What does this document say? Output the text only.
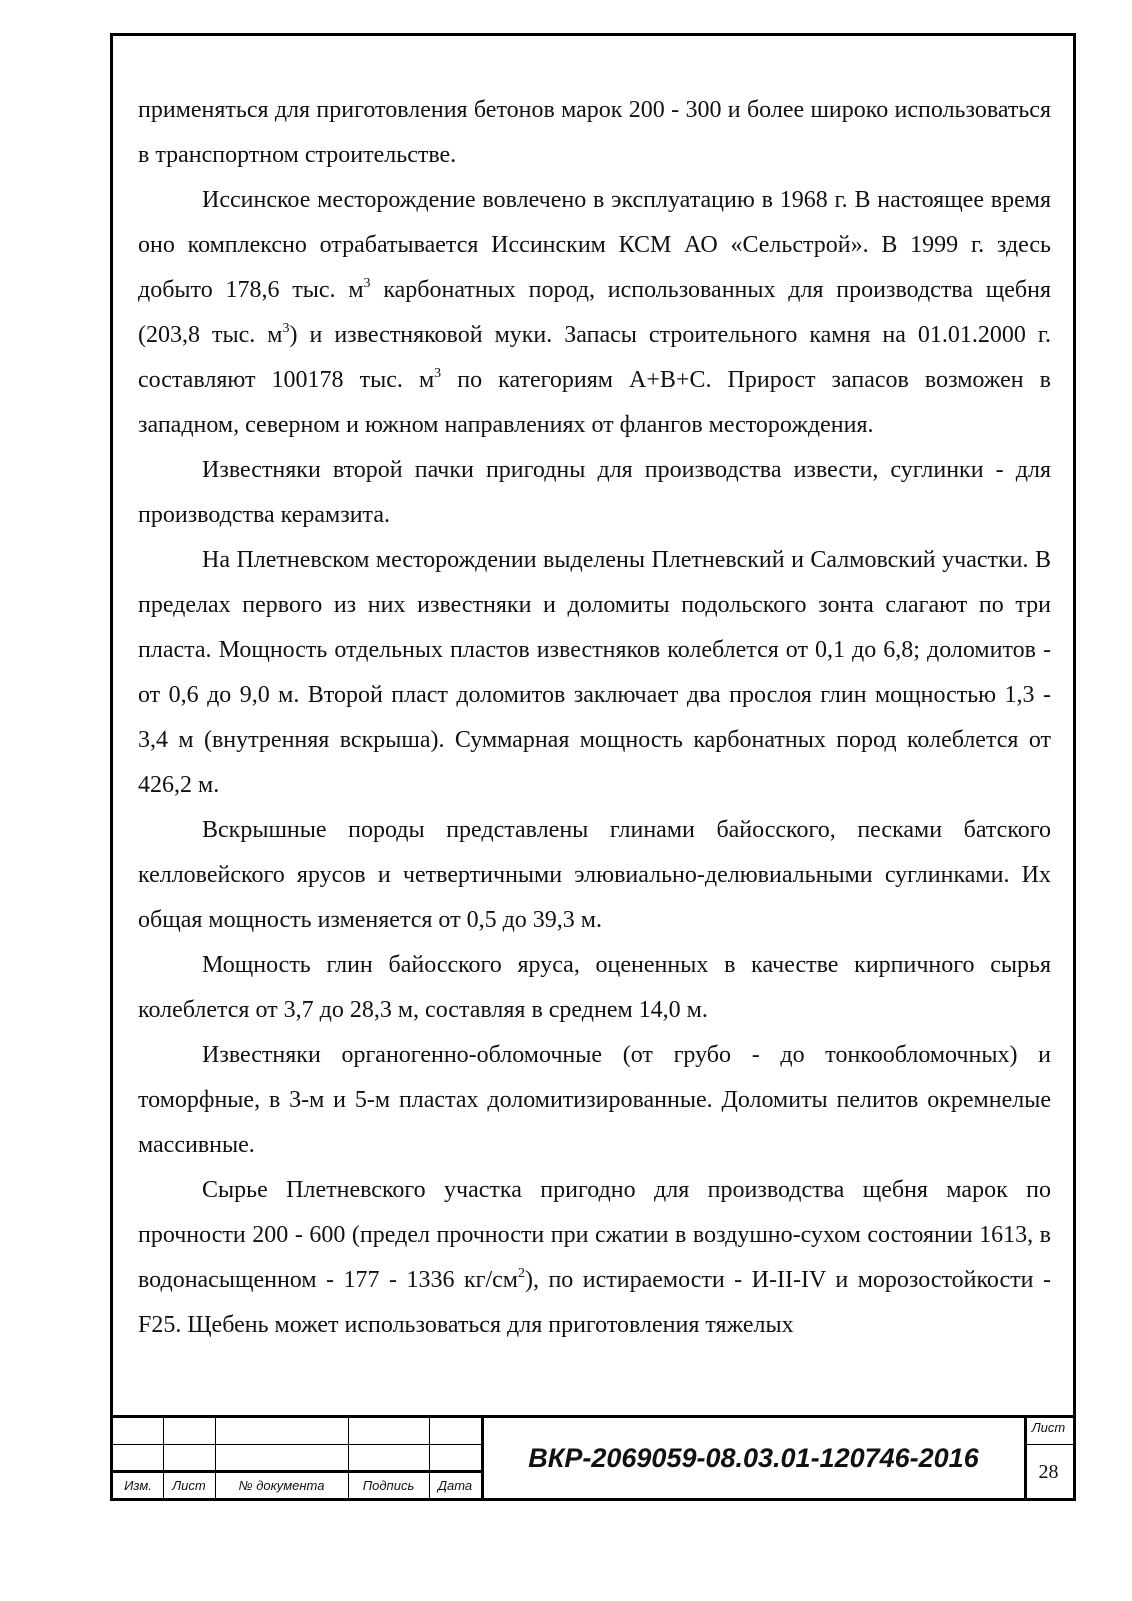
применяться для приготовления бетонов марок 200 - 300 и более широко использоваться в транспортном строительстве.

Иссинское месторождение вовлечено в эксплуатацию в 1968 г. В настоящее время оно комплексно отрабатывается Иссинским КСМ АО «Сельстрой». В 1999 г. здесь добыто 178,6 тыс. $м^3$ карбонатных пород, использованных для производства щебня (203,8 тыс. $м^3$) и известняковой муки. Запасы строительного камня на 01.01.2000 г. составляют 100178 тыс. $м^3$ по категориям А+В+С. Прирост запасов возможен в западном, северном и южном направлениях от флангов месторождения.

Известняки второй пачки пригодны для производства извести, суглинки - для производства керамзита.

На Плетневском месторождении выделены Плетневский и Салмовский участки. В пределах первого из них известняки и доломиты подольского зонта слагают по три пласта. Мощность отдельных пластов известняков колеблется от 0,1 до 6,8; доломитов - от 0,6 до 9,0 м. Второй пласт доломитов заключает два прослоя глин мощностью 1,3 - 3,4 м (внутренняя вскрыша). Суммарная мощность карбонатных пород колеблется от 426,2 м.

Вскрышные породы представлены глинами байосского, песками батского келловейского ярусов и четвертичными элювиально-делювиальными суглинками. Их общая мощность изменяется от 0,5 до 39,3 м.

Мощность глин байосского яруса, оцененных в качестве кирпичного сырья колеблется от 3,7 до 28,3 м, составляя в среднем 14,0 м.

Известняки органогенно-обломочные (от грубо - до тонкообломочных) и томорфные, в 3-м и 5-м пластах доломитизированные. Доломиты пелитов окремнелые массивные.

Сырье Плетневского участка пригодно для производства щебня марок по прочности 200 - 600 (предел прочности при сжатии в воздушно-сухом состоянии 1613, в водонасыщенном - 177 - 1336 $кг/см^2$), по истираемости - И-II-IV и морозостойкости - F25. Щебень может использоваться для приготовления тяжелых

Изм.	Лист	№ документа	Подпись	Дата
ВКР-2069059-08.03.01-120746-2016
Лист
28
